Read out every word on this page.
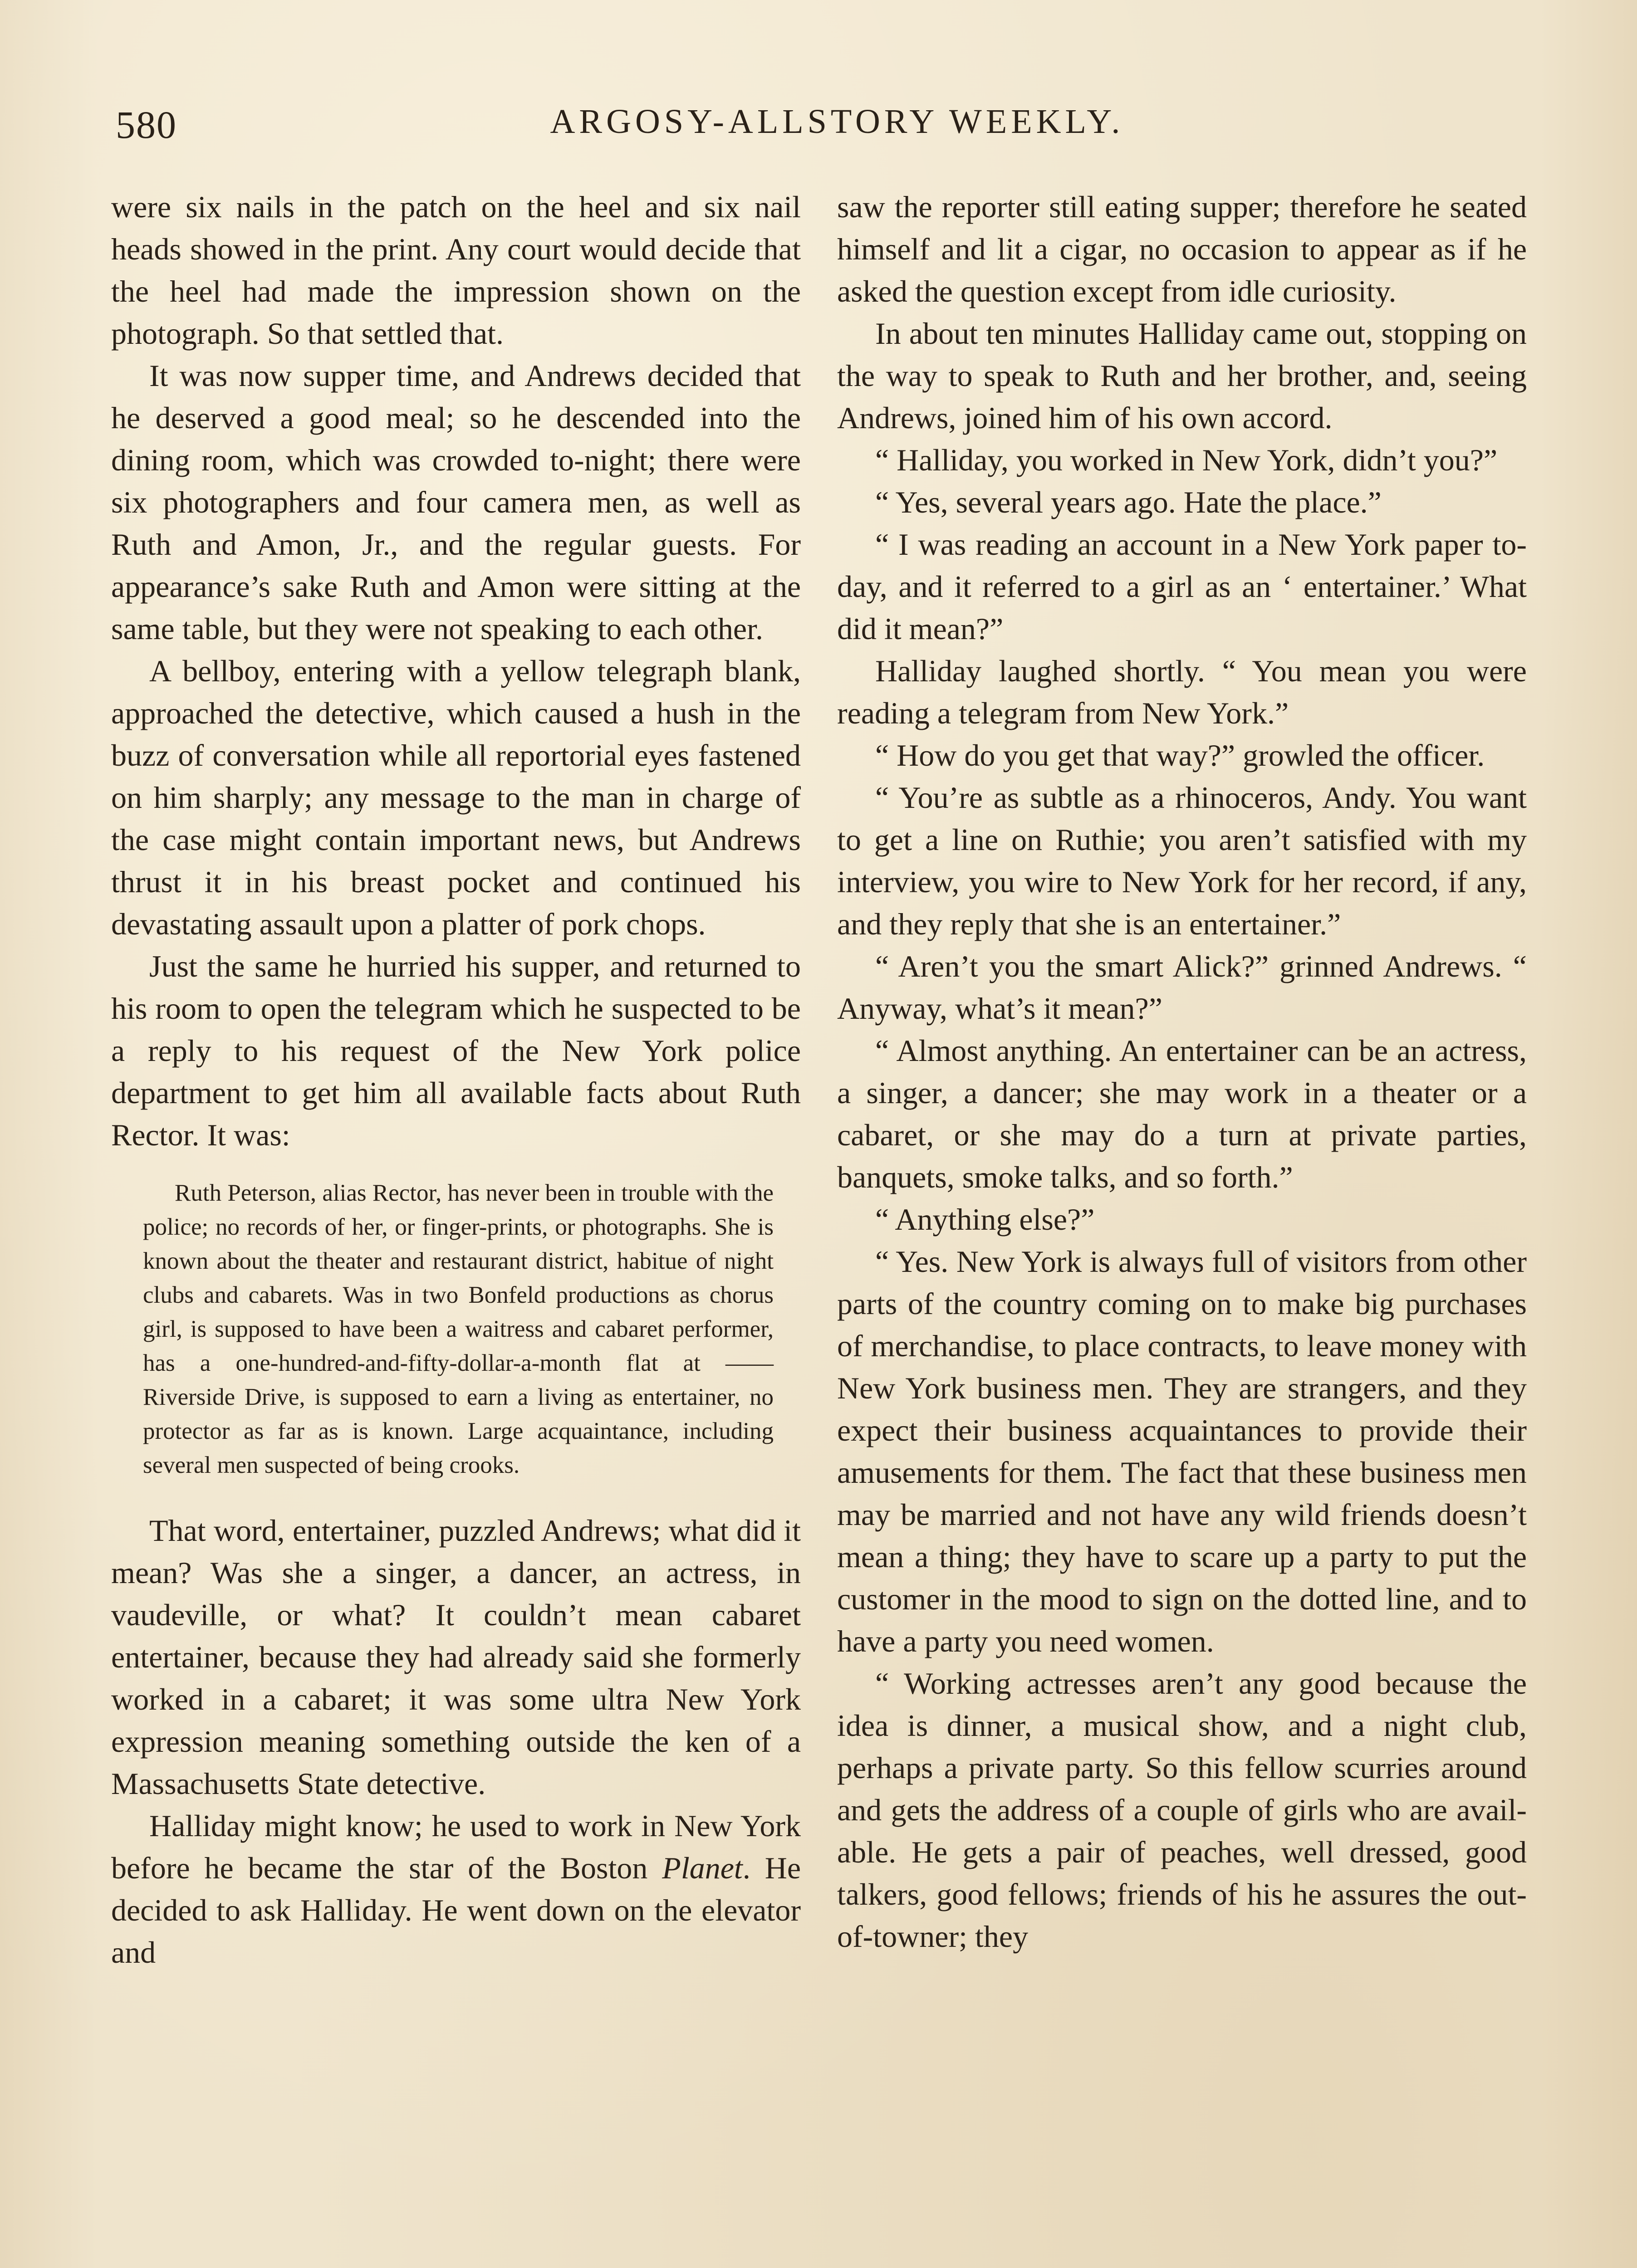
580	ARGOSY-ALLSTORY WEEKLY.

were six nails in the patch on the heel and six nail heads showed in the print. Any court would decide that the heel had made the impression shown on the photograph. So that settled that.

It was now supper time, and Andrews decided that he deserved a good meal; so he descended into the dining room, which was crowded to-night; there were six photographers and four camera men, as well as Ruth and Amon, Jr., and the regular guests. For appearance’s sake Ruth and Amon were sitting at the same table, but they were not speaking to each other.

A bellboy, entering with a yellow telegraph blank, approached the detective, which caused a hush in the buzz of conversation while all reportorial eyes fastened on him sharply; any message to the man in charge of the case might contain important news, but Andrews thrust it in his breast pocket and continued his devastating assault upon a platter of pork chops.

Just the same he hurried his supper, and returned to his room to open the telegram which he suspected to be a reply to his request of the New York police department to get him all available facts about Ruth Rector. It was:

Ruth Peterson, alias Rector, has never been in trouble with the police; no records of her, or finger-prints, or photographs. She is known about the theater and restaurant district, habitue of night clubs and cabarets. Was in two Bonfeld productions as chorus girl, is supposed to have been a waitress and cabaret performer, has a one-hundred-and-fifty-dollar-a-month flat at —— Riverside Drive, is supposed to earn a living as entertainer, no protector as far as is known. Large acquaintance, including several men suspected of being crooks.

That word, entertainer, puzzled Andrews; what did it mean? Was she a singer, a dancer, an actress, in vaudeville, or what? It couldn’t mean cabaret entertainer, because they had already said she formerly worked in a cabaret; it was some ultra New York expression meaning something outside the ken of a Massachusetts State detective.

Halliday might know; he used to work in New York before he became the star of the Boston Planet. He decided to ask Halliday. He went down on the elevator and

saw the reporter still eating supper; therefore he seated himself and lit a cigar, no occasion to appear as if he asked the question except from idle curiosity.

In about ten minutes Halliday came out, stopping on the way to speak to Ruth and her brother, and, seeing Andrews, joined him of his own accord.

“ Halliday, you worked in New York, didn’t you?”

“ Yes, several years ago. Hate the place.”

“ I was reading an account in a New York paper to-day, and it referred to a girl as an ‘ entertainer.’ What did it mean?”

Halliday laughed shortly. “ You mean you were reading a telegram from New York.”

“ How do you get that way?” growled the officer.

“ You’re as subtle as a rhinoceros, Andy. You want to get a line on Ruthie; you aren’t satisfied with my interview, you wire to New York for her record, if any, and they reply that she is an entertainer.”

“ Aren’t you the smart Alick?” grinned Andrews. “ Anyway, what’s it mean?”

“ Almost anything. An entertainer can be an actress, a singer, a dancer; she may work in a theater or a cabaret, or she may do a turn at private parties, banquets, smoke talks, and so forth.”

“ Anything else?”

“ Yes. New York is always full of visitors from other parts of the country coming on to make big purchases of merchandise, to place contracts, to leave money with New York business men. They are strangers, and they expect their business acquaintances to provide their amusements for them. The fact that these business men may be married and not have any wild friends doesn’t mean a thing; they have to scare up a party to put the customer in the mood to sign on the dotted line, and to have a party you need women.

“ Working actresses aren’t any good because the idea is dinner, a musical show, and a night club, perhaps a private party. So this fellow scurries around and gets the address of a couple of girls who are available. He gets a pair of peaches, well dressed, good talkers, good fellows; friends of his he assures the out-of-towner; they
